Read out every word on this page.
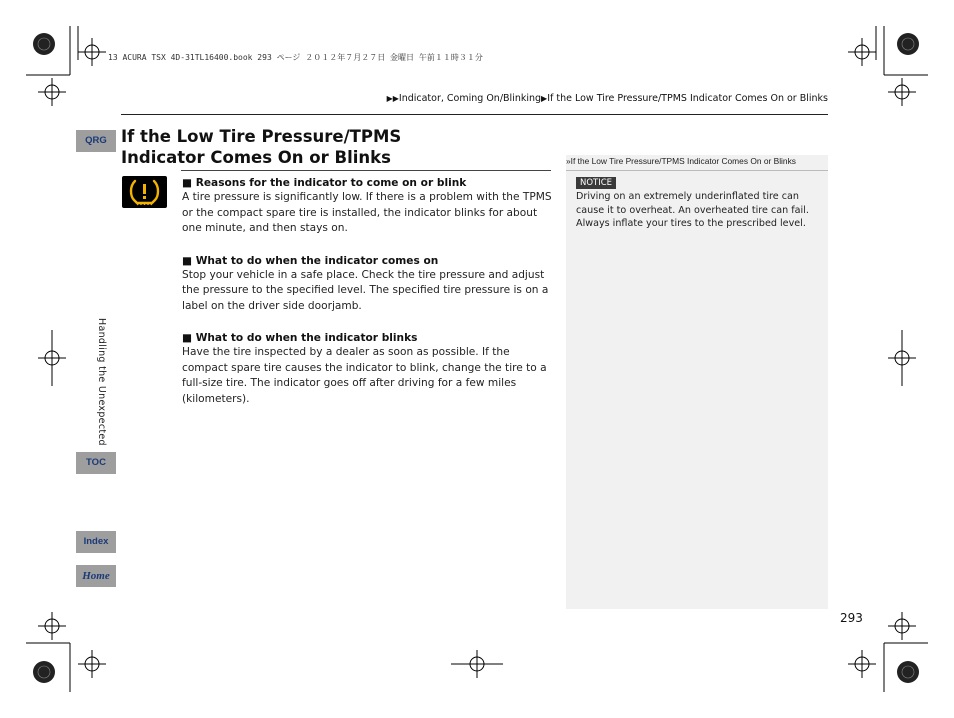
13 ACURA TSX 4D-31TL16400.book 293 ページ ２０１２年７月２７日 金曜日 午前１１時３１分
▶▶Indicator, Coming On/Blinking▶If the Low Tire Pressure/TPMS Indicator Comes On or Blinks
If the Low Tire Pressure/TPMS
Indicator Comes On or Blinks
■ Reasons for the indicator to come on or blink

A tire pressure is significantly low. If there is a problem with the TPMS or the compact spare tire is installed, the indicator blinks for about one minute, and then stays on.

■ What to do when the indicator comes on

Stop your vehicle in a safe place. Check the tire pressure and adjust the pressure to the specified level. The specified tire pressure is on a label on the driver side doorjamb.

■ What to do when the indicator blinks

Have the tire inspected by a dealer as soon as possible. If the compact spare tire causes the indicator to blink, change the tire to a full-size tire. The indicator goes off after driving for a few miles (kilometers).

»If the Low Tire Pressure/TPMS Indicator Comes On or Blinks
NOTICE
Driving on an extremely underinflated tire can cause it to overheat. An overheated tire can fail. Always inflate your tires to the prescribed level.
QRG
Handling the Unexpected
TOC
Index
Home
293
